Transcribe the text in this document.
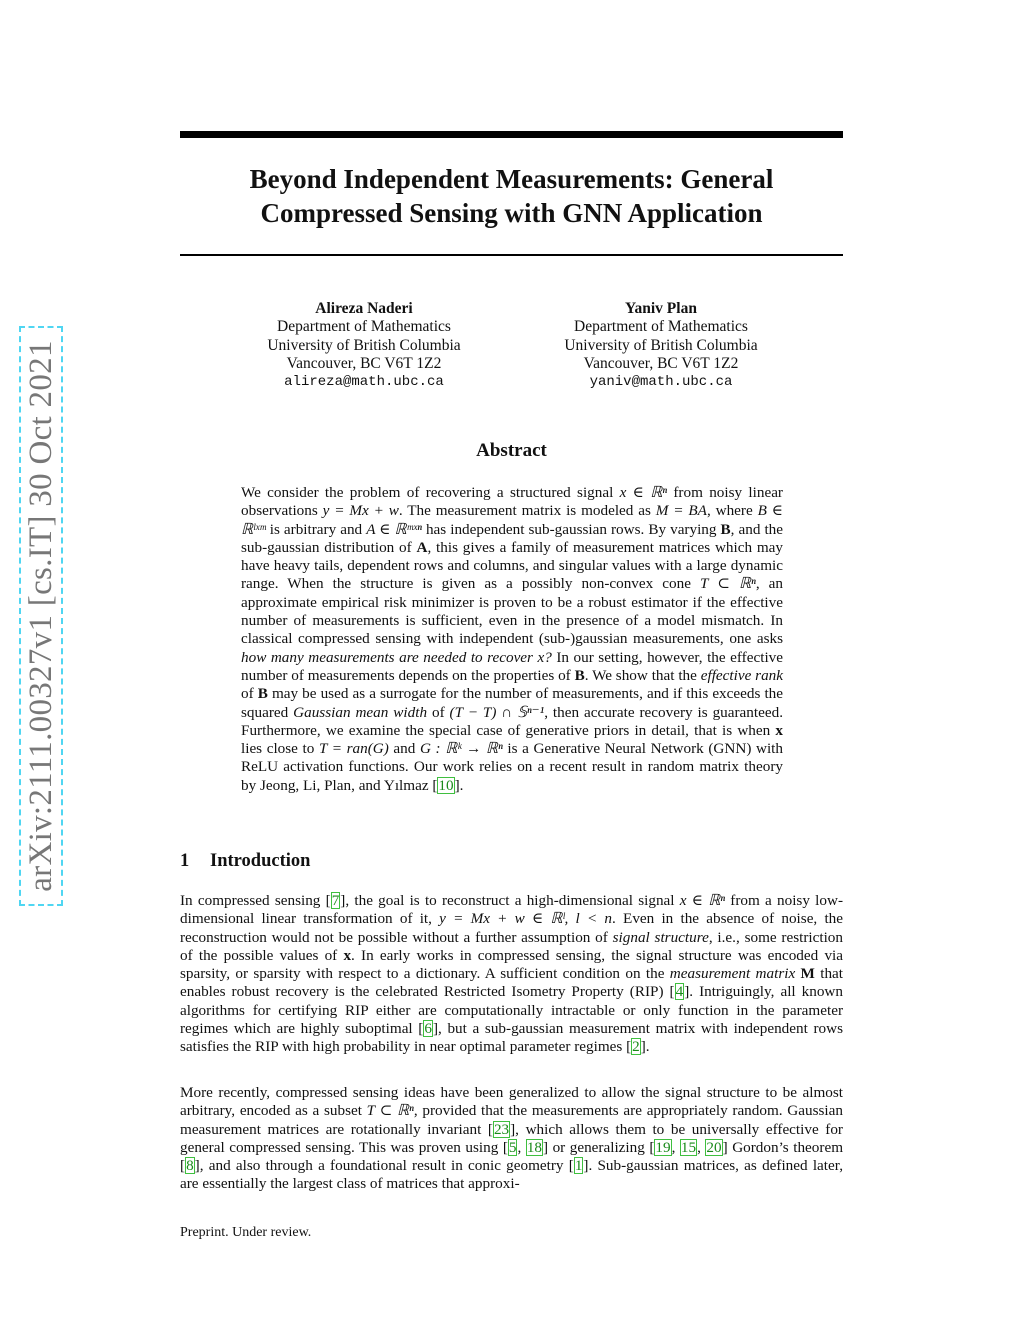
arXiv:2111.00327v1 [cs.IT] 30 Oct 2021
Beyond Independent Measurements: General Compressed Sensing with GNN Application
Alireza Naderi
Department of Mathematics
University of British Columbia
Vancouver, BC V6T 1Z2
alireza@math.ubc.ca
Yaniv Plan
Department of Mathematics
University of British Columbia
Vancouver, BC V6T 1Z2
yaniv@math.ubc.ca
Abstract

We consider the problem of recovering a structured signal x ∈ ℝⁿ from noisy linear observations y = Mx + w. The measurement matrix is modeled as M = BA, where B ∈ ℝˡˣᵐ is arbitrary and A ∈ ℝᵐˣⁿ has independent sub-gaussian rows. By varying B, and the sub-gaussian distribution of A, this gives a family of measurement matrices which may have heavy tails, dependent rows and columns, and singular values with a large dynamic range. When the structure is given as a possibly non-convex cone T ⊂ ℝⁿ, an approximate empirical risk minimizer is proven to be a robust estimator if the effective number of measurements is sufficient, even in the presence of a model mismatch. In classical compressed sensing with independent (sub-)gaussian measurements, one asks how many measurements are needed to recover x? In our setting, however, the effective number of measurements depends on the properties of B. We show that the effective rank of B may be used as a surrogate for the number of measurements, and if this exceeds the squared Gaussian mean width of (T − T) ∩ 𝕊ⁿ⁻¹, then accurate recovery is guaranteed. Furthermore, we examine the special case of generative priors in detail, that is when x lies close to T = ran(G) and G : ℝᵏ → ℝⁿ is a Generative Neural Network (GNN) with ReLU activation functions. Our work relies on a recent result in random matrix theory by Jeong, Li, Plan, and Yılmaz [10].

1 Introduction

In compressed sensing [7], the goal is to reconstruct a high-dimensional signal x ∈ ℝⁿ from a noisy low-dimensional linear transformation of it, y = Mx + w ∈ ℝˡ, l < n. Even in the absence of noise, the reconstruction would not be possible without a further assumption of signal structure, i.e., some restriction of the possible values of x. In early works in compressed sensing, the signal structure was encoded via sparsity, or sparsity with respect to a dictionary. A sufficient condition on the measurement matrix M that enables robust recovery is the celebrated Restricted Isometry Property (RIP) [4]. Intriguingly, all known algorithms for certifying RIP either are computationally intractable or only function in the parameter regimes which are highly suboptimal [6], but a sub-gaussian measurement matrix with independent rows satisfies the RIP with high probability in near optimal parameter regimes [2].

More recently, compressed sensing ideas have been generalized to allow the signal structure to be almost arbitrary, encoded as a subset T ⊂ ℝⁿ, provided that the measurements are appropriately random. Gaussian measurement matrices are rotationally invariant [23], which allows them to be universally effective for general compressed sensing. This was proven using [5, 18] or generalizing [19, 15, 20] Gordon’s theorem [8], and also through a foundational result in conic geometry [1]. Sub-gaussian matrices, as defined later, are essentially the largest class of matrices that approxi-

Preprint. Under review.
